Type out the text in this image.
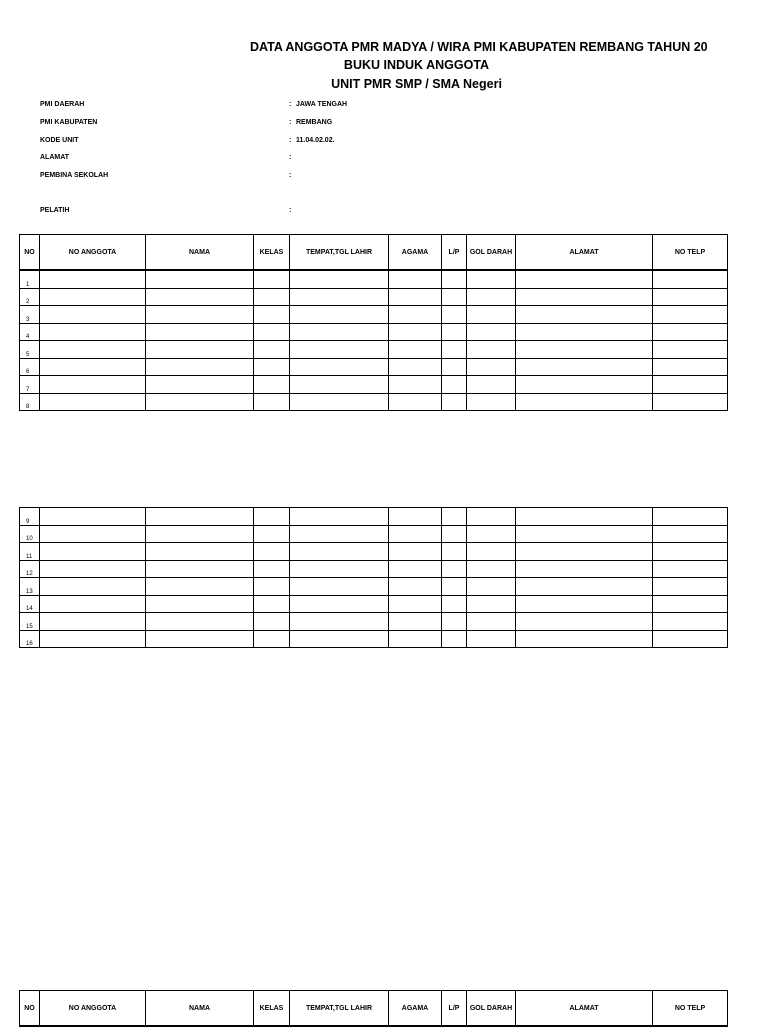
DATA ANGGOTA PMR MADYA / WIRA PMI KABUPATEN REMBANG TAHUN 20
BUKU INDUK ANGGOTA
UNIT PMR SMP / SMA Negeri
PMI DAERAH	: JAWA TENGAH
PMI KABUPATEN	: REMBANG
KODE UNIT	: 11.04.02.02.
ALAMAT	:
PEMBINA SEKOLAH	:
PELATIH	:
NO	NO ANGGOTA	NAMA	KELAS	TEMPAT,TGL LAHIR	AGAMA	L/P	GOL DARAH	ALAMAT	NO TELP
1									
2									
3									
4									
5									
6									
7									
8									
9									
10									
11									
12									
13									
14									
15									
16									
NO	NO ANGGOTA	NAMA	KELAS	TEMPAT,TGL LAHIR	AGAMA	L/P	GOL DARAH	ALAMAT	NO TELP
